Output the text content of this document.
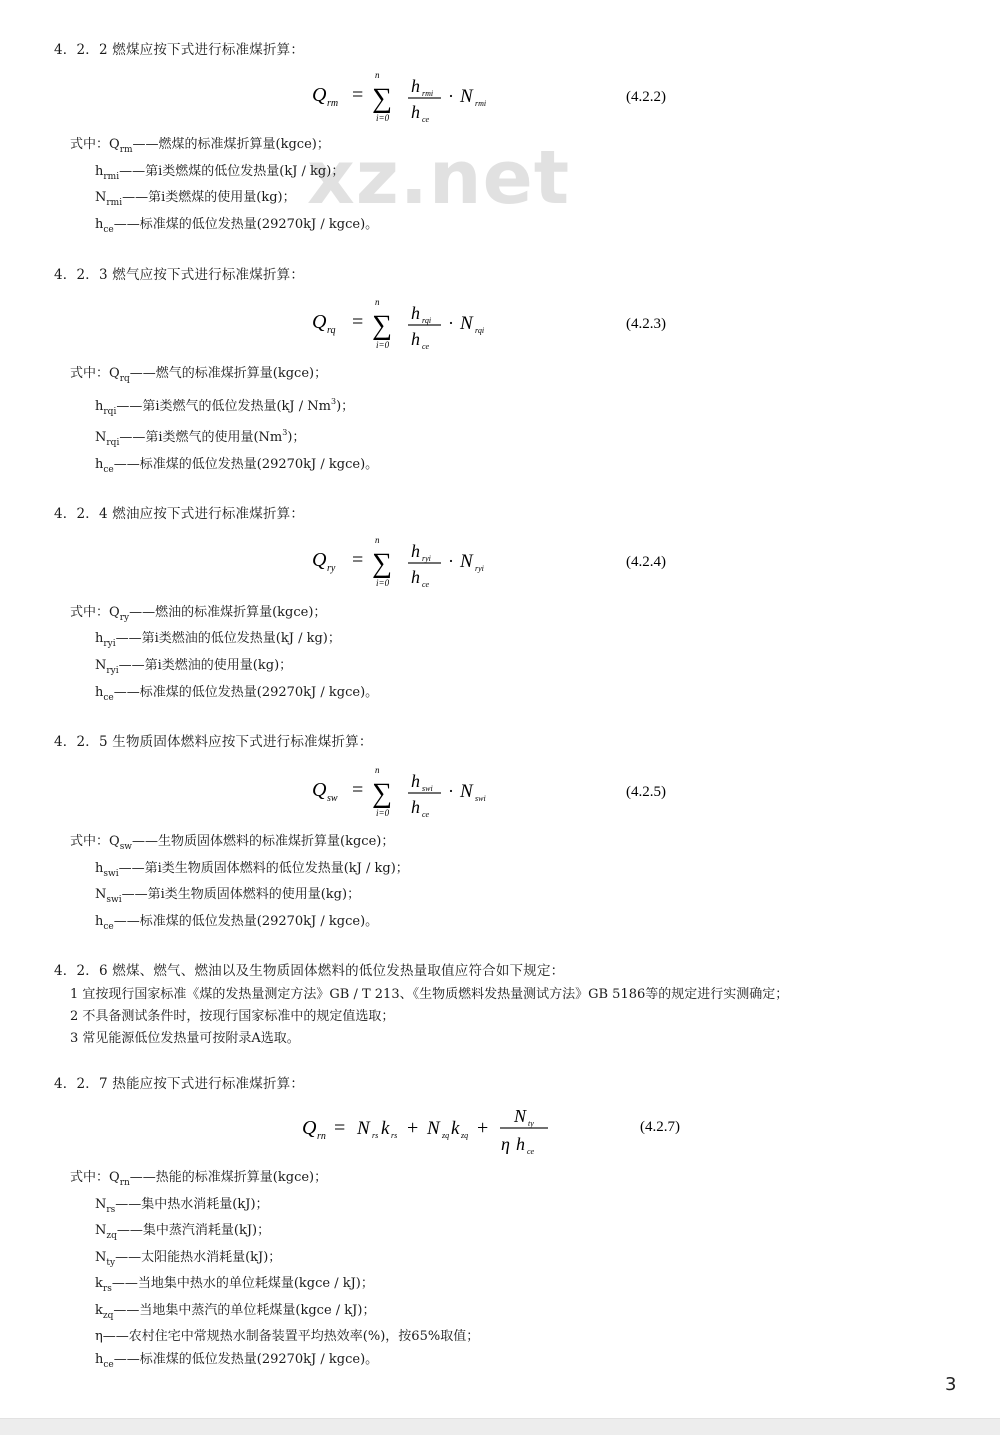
xz.net
4．2．2 燃煤应按下式进行标准煤折算：
Q rm =
n
∑
i=0
h rmi
h ce
· N rmi	(4.2.2)
式中：$Q_{rm}——$燃煤的标准煤折算量(kgce)；
$h_{rmi}——$第i类燃煤的低位发热量(kJ / kg)；
$N_{rmi}——$第i类燃煤的使用量(kg)；
$h_{ce}——$标准煤的低位发热量(29270kJ / kgce)。
4．2．3 燃气应按下式进行标准煤折算：
Q rq =
n
∑
i=0
h rqi
h ce
· N rqi	(4.2.3)
式中：$Q_{rq}——$燃气的标准煤折算量(kgce)；
$h_{rqi}——$第i类燃气的低位发热量(kJ / Nm$^3$)；
$N_{rqi}——$第i类燃气的使用量(Nm$^3$)；
$h_{ce}——$标准煤的低位发热量(29270kJ / kgce)。
4．2．4 燃油应按下式进行标准煤折算：
Q ry =
n
∑
i=0
h ryi
h ce
· N ryi	(4.2.4)
式中：$Q_{ry}——$燃油的标准煤折算量(kgce)；
$h_{ryi}——$第i类燃油的低位发热量(kJ / kg)；
$N_{ryi}——$第i类燃油的使用量(kg)；
$h_{ce}——$标准煤的低位发热量(29270kJ / kgce)。
4．2．5 生物质固体燃料应按下式进行标准煤折算：
Q sw =
n
∑
i=0
h swi
h ce
· N swi	(4.2.5)
式中：$Q_{sw}——$生物质固体燃料的标准煤折算量(kgce)；
$h_{swi}——$第i类生物质固体燃料的低位发热量(kJ / kg)；
$N_{swi}——$第i类生物质固体燃料的使用量(kg)；
$h_{ce}——$标准煤的低位发热量(29270kJ / kgce)。
4．2．6 燃煤、燃气、燃油以及生物质固体燃料的低位发热量取值应符合如下规定：
1 宜按现行国家标准《煤的发热量测定方法》GB / T 213、《生物质燃料发热量测试方法》GB 5186等的规定进行实测确定；
2 不具备测试条件时，按现行国家标准中的规定值选取；
3 常见能源低位发热量可按附录A选取。
4．2．7 热能应按下式进行标准煤折算：
Q rn = N rs k rs + N zq k zq +
N ty
η h ce
(4.2.7)
式中：$Q_{rn}——$热能的标准煤折算量(kgce)；
$N_{rs}——$集中热水消耗量(kJ)；
$N_{zq}——$集中蒸汽消耗量(kJ)；
$N_{ty}——$太阳能热水消耗量(kJ)；
$k_{rs}——$当地集中热水的单位耗煤量(kgce / kJ)；
$k_{zq}——$当地集中蒸汽的单位耗煤量(kgce / kJ)；
η——农村住宅中常规热水制备装置平均热效率(%)，按65%取值；
$h_{ce}——$标准煤的低位发热量(29270kJ / kgce)。
3
